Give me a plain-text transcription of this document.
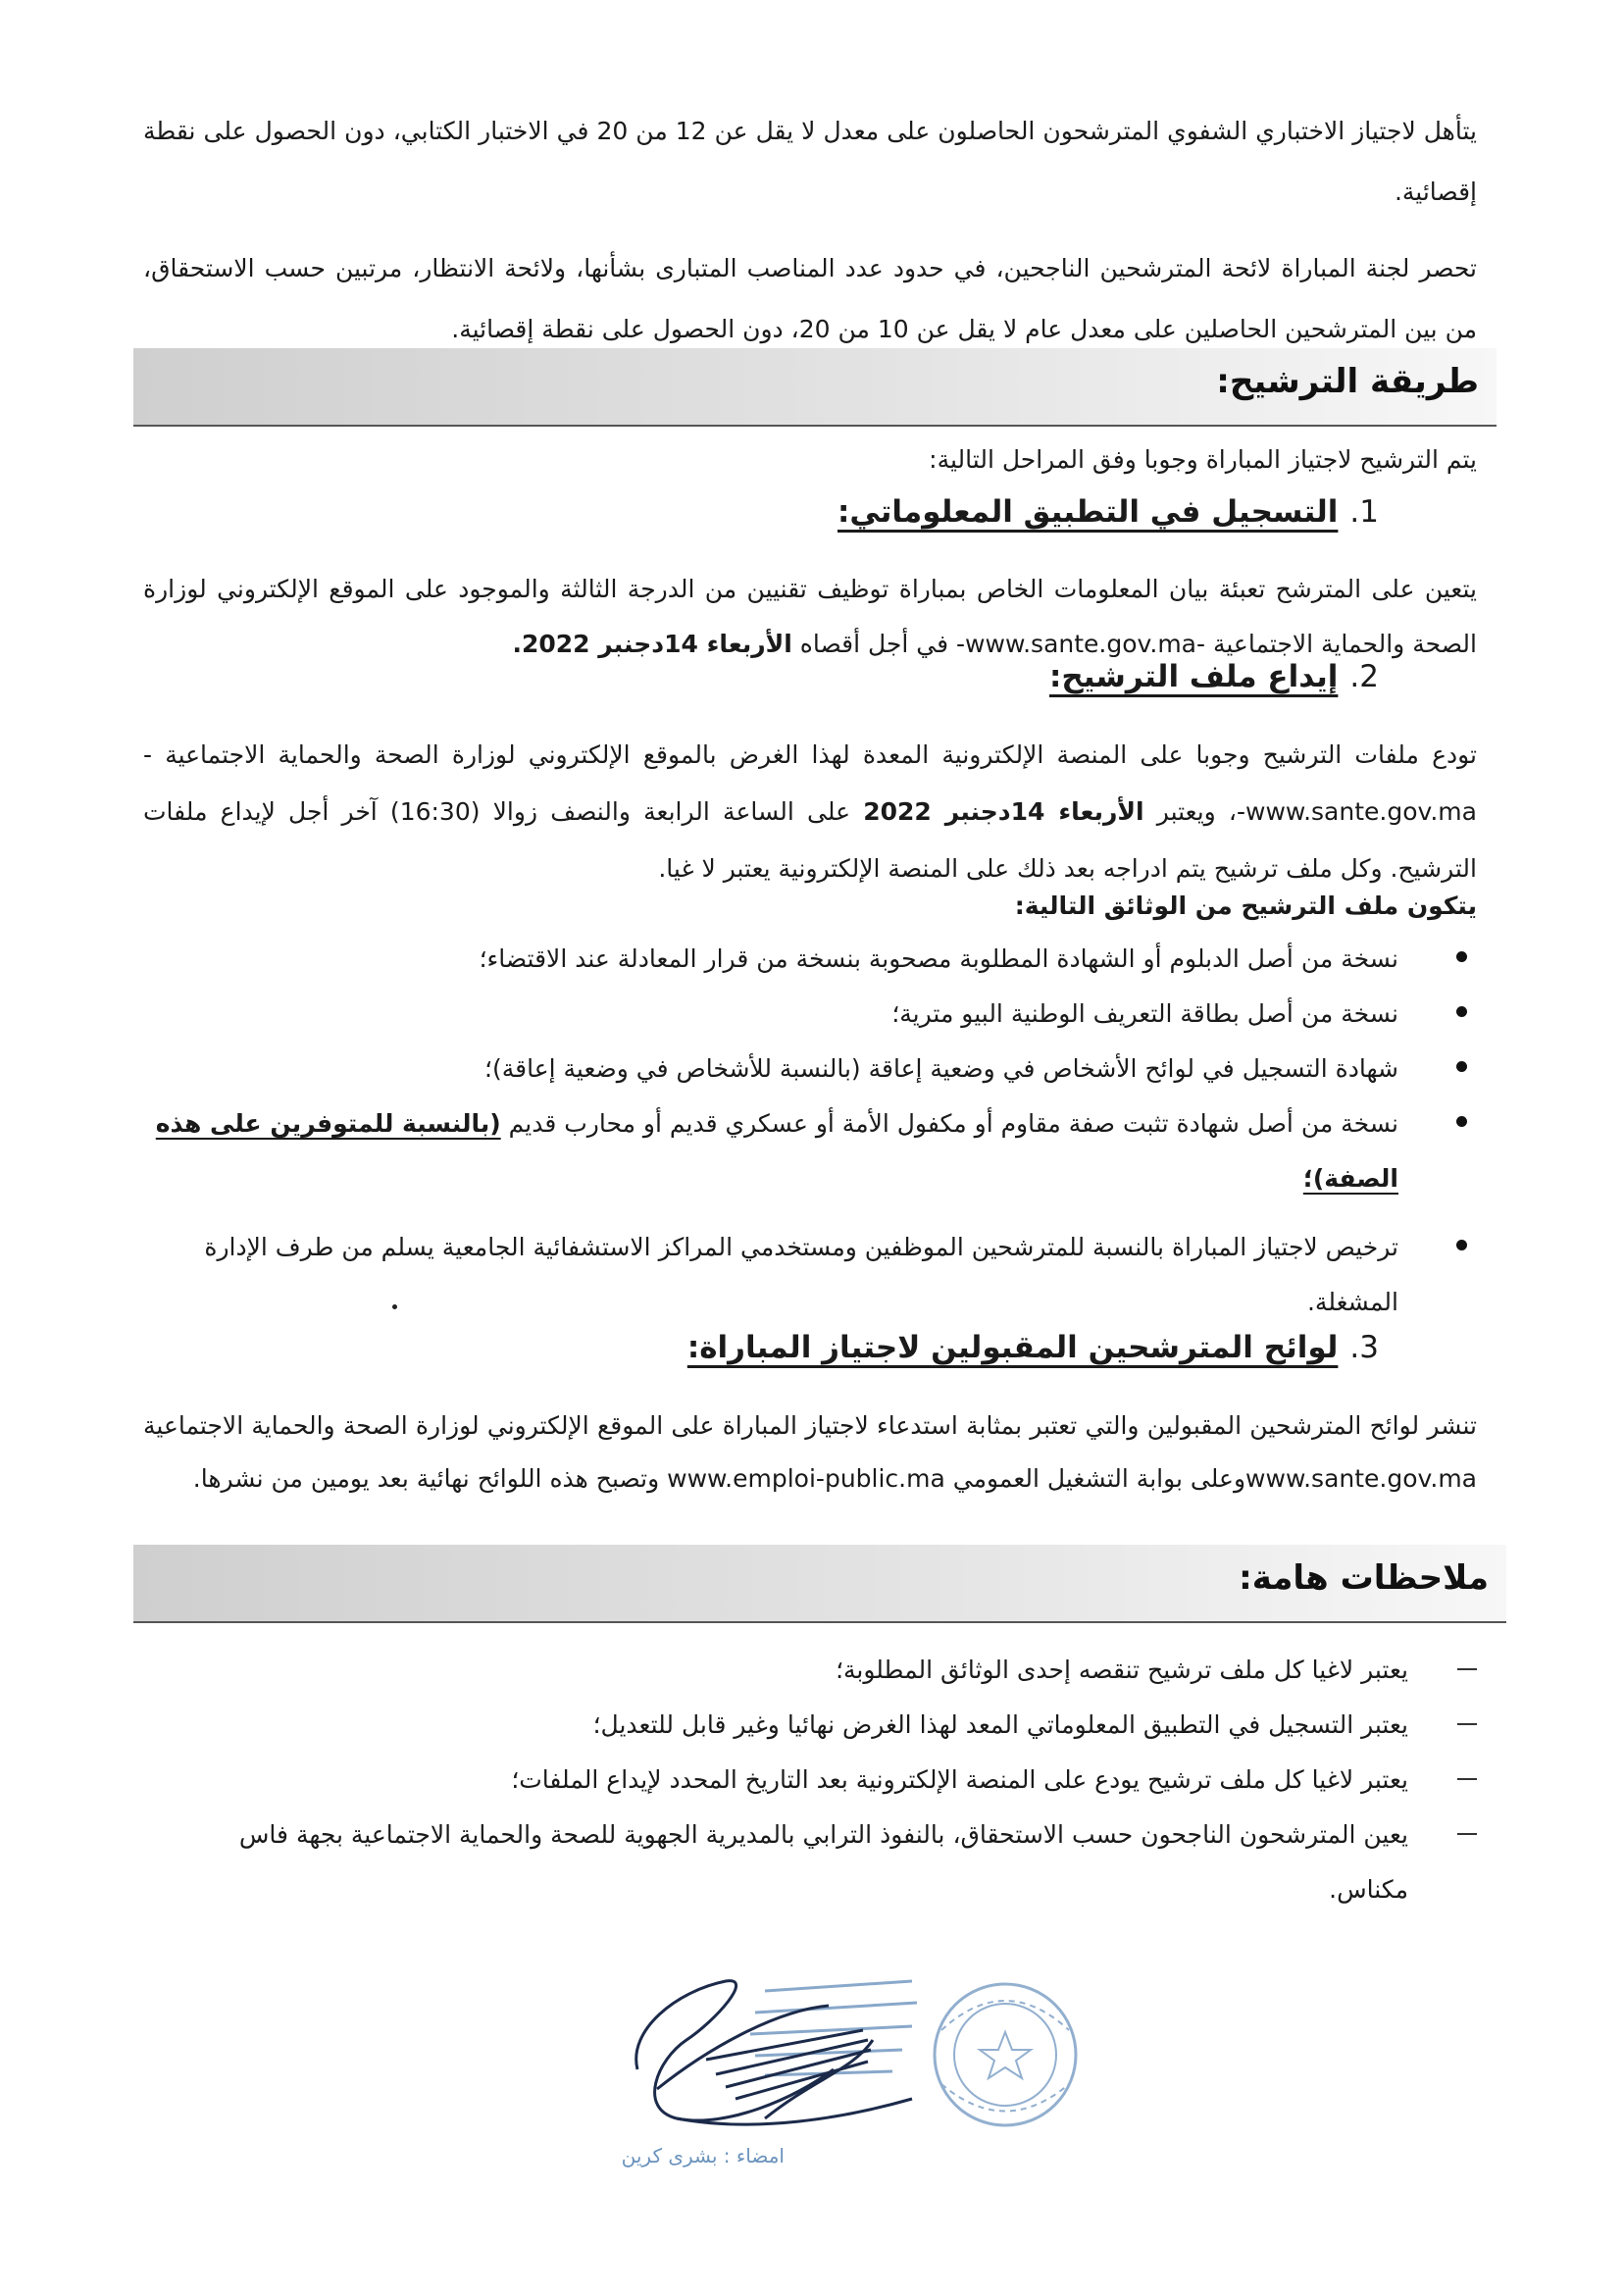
يتأهل لاجتياز الاختباري الشفوي المترشحون الحاصلون على معدل لا يقل عن 12 من 20 في الاختبار الكتابي، دون الحصول على نقطة إقصائية.

تحصر لجنة المباراة لائحة المترشحين الناجحين، في حدود عدد المناصب المتبارى بشأنها، ولائحة الانتظار، مرتبين حسب الاستحقاق، من بين المترشحين الحاصلين على معدل عام لا يقل عن 10 من 20، دون الحصول على نقطة إقصائية.

طريقة الترشيح:
يتم الترشيح لاجتياز المباراة وجوبا وفق المراحل التالية:
1.التسجيل في التطبيق المعلوماتي:

يتعين على المترشح تعبئة بيان المعلومات الخاص بمباراة توظيف تقنيين من الدرجة الثالثة والموجود على الموقع الإلكتروني لوزارة الصحة والحماية الاجتماعية -www.sante.gov.ma- في أجل أقصاه الأربعاء 14دجنبر 2022.

2.إيداع ملف الترشيح:

تودع ملفات الترشيح وجوبا على المنصة الإلكترونية المعدة لهذا الغرض بالموقع الإلكتروني لوزارة الصحة والحماية الاجتماعية -www.sante.gov.ma-، ويعتبر الأربعاء 14دجنبر 2022 على الساعة الرابعة والنصف زوالا (16:30) آخر أجل لإيداع ملفات الترشيح. وكل ملف ترشيح يتم ادراجه بعد ذلك على المنصة الإلكترونية يعتبر لا غيا.

يتكون ملف الترشيح من الوثائق التالية:
نسخة من أصل الدبلوم أو الشهادة المطلوبة مصحوبة بنسخة من قرار المعادلة عند الاقتضاء؛
نسخة من أصل بطاقة التعريف الوطنية البيو مترية؛
شهادة التسجيل في لوائح الأشخاص في وضعية إعاقة (بالنسبة للأشخاص في وضعية إعاقة)؛
نسخة من أصل شهادة تثبت صفة مقاوم أو مكفول الأمة أو عسكري قديم أو محارب قديم (بالنسبة للمتوفرين على هذه الصفة)؛
ترخيص لاجتياز المباراة بالنسبة للمترشحين الموظفين ومستخدمي المراكز الاستشفائية الجامعية يسلم من طرف الإدارة المشغلة.
3.لوائح المترشحين المقبولين لاجتياز المباراة:

تنشر لوائح المترشحين المقبولين والتي تعتبر بمثابة استدعاء لاجتياز المباراة على الموقع الإلكتروني لوزارة الصحة والحماية الاجتماعية www.sante.gov.maوعلى بوابة التشغيل العمومي www.emploi-public.ma وتصبح هذه اللوائح نهائية بعد يومين من نشرها.

ملاحظات هامة:
يعتبر لاغيا كل ملف ترشيح تنقصه إحدى الوثائق المطلوبة؛
يعتبر التسجيل في التطبيق المعلوماتي المعد لهذا الغرض نهائيا وغير قابل للتعديل؛
يعتبر لاغيا كل ملف ترشيح يودع على المنصة الإلكترونية بعد التاريخ المحدد لإيداع الملفات؛
يعين المترشحون الناجحون حسب الاستحقاق، بالنفوذ الترابي بالمديرية الجهوية للصحة والحماية الاجتماعية بجهة فاس مكناس.
امضاء : بشرى كرين
